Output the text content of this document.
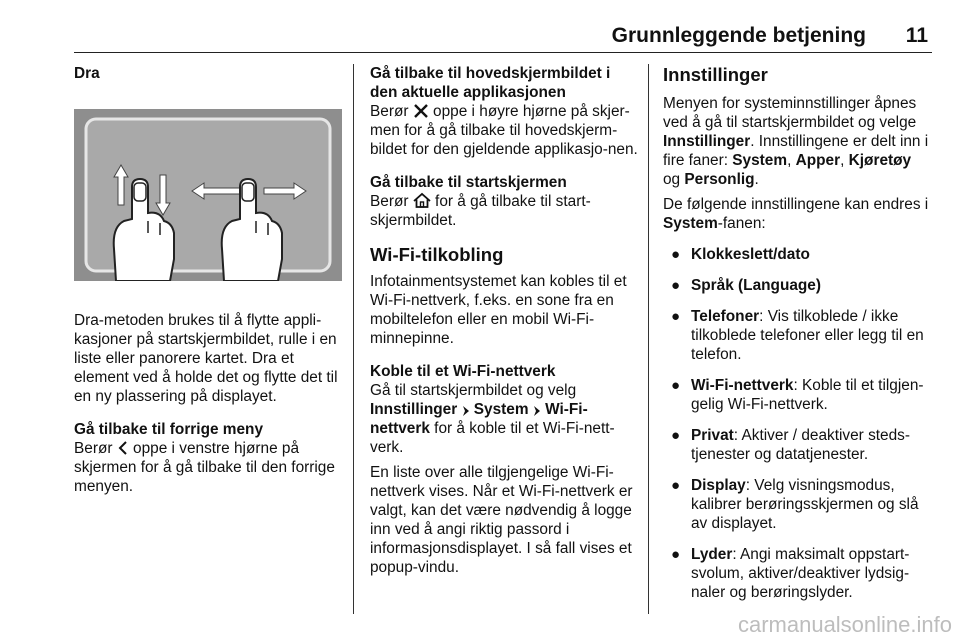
Grunnleggende betjening 11

Dra

Dra-metoden brukes til å flytte appli-kasjoner på startskjermbildet, rulle i en liste eller panorere kartet. Dra et element ved å holde det og flytte det til en ny plassering på displayet.

Gå tilbake til forrige meny

Berør oppe i venstre hjørne på skjermen for å gå tilbake til den forrige menyen.

Gå tilbake til hovedskjermbildet i den aktuelle applikasjonen

Berør oppe i høyre hjørne på skjer-men for å gå tilbake til hovedskjerm-bildet for den gjeldende applikasjo-nen.

Gå tilbake til startskjermen

Berør for å gå tilbake til start-skjermbildet.

Wi-Fi-tilkobling

Infotainmentsystemet kan kobles til et Wi-Fi-nettverk, f.eks. en sone fra en mobiltelefon eller en mobil Wi-Fi-minnepinne.

Koble til et Wi-Fi-nettverk

Gå til startskjermbildet og velg Innstillinger System Wi-Fi-nettverk for å koble til et Wi-Fi-nett-verk.

En liste over alle tilgjengelige Wi-Fi-nettverk vises. Når et Wi-Fi-nettverk er valgt, kan det være nødvendig å logge inn ved å angi riktig passord i informasjonsdisplayet. I så fall vises et popup-vindu.

Innstillinger

Menyen for systeminnstillinger åpnes ved å gå til startskjermbildet og velge Innstillinger. Innstillingene er delt inn i fire faner: System, Apper, Kjøretøy og Personlig.

De følgende innstillingene kan endres i System-fanen:

● Klokkeslett/dato
● Språk (Language)
● Telefoner: Vis tilkoblede / ikke tilkoblede telefoner eller legg til en telefon.
● Wi-Fi-nettverk: Koble til et tilgjen-gelig Wi-Fi-nettverk.
● Privat: Aktiver / deaktiver steds-tjenester og datatjenester.
● Display: Velg visningsmodus, kalibrer berøringsskjermen og slå av displayet.
● Lyder: Angi maksimalt oppstart-svolum, aktiver/deaktiver lydsig-naler og berøringslyder.
carmanualsonline.info
